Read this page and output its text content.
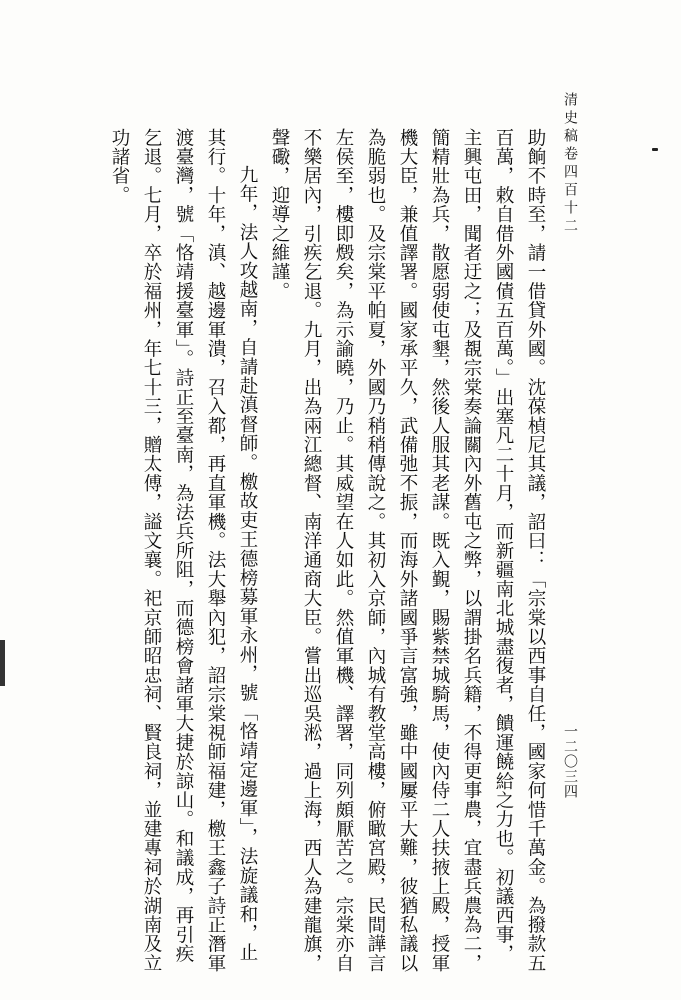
清史稿卷四百十二
一二〇三四

助餉不時至，請一借貸外國。沈葆楨尼其議，詔曰：「宗棠以西事自任，國家何惜千萬金。為撥款五百萬，敕自借外國債五百萬。」出塞凡二十月，而新疆南北城盡復者，饋運饒給之力也。初議西事，主興屯田，聞者迂之；及覩宗棠奏論關內外舊屯之弊，以謂掛名兵籍，不得更事農，宜盡兵農為二，簡精壯為兵，散愿弱使屯墾，然後人服其老謀。既入覲，賜紫禁城騎馬，使內侍二人扶掖上殿，授軍機大臣，兼值譯署。國家承平久，武備弛不振，而海外諸國爭言富強，雖中國屢平大難，彼猶私議以為脆弱也。及宗棠平帕夏，外國乃稍稍傳說之。其初入京師，內城有教堂高樓，俯瞰宮殿，民間譁言左侯至，樓即燬矣，為示諭曉，乃止。其威望在人如此。然值軍機、譯署，同列頗厭苦之。宗棠亦自不樂居內，引疾乞退。九月，出為兩江總督、南洋通商大臣。嘗出巡吳淞，過上海，西人為建龍旗，聲礮，迎導之維謹。

九年，法人攻越南，自請赴滇督師。檄故吏王德榜募軍永州，號「恪靖定邊軍」，法旋議和，止其行。十年，滇、越邊軍潰，召入都，再直軍機。法大舉內犯，詔宗棠視師福建，檄王鑫子詩正潛軍渡臺灣，號「恪靖援臺軍」。詩正至臺南，為法兵所阻，而德榜會諸軍大捷於諒山。和議成，再引疾乞退。七月，卒於福州，年七十三，贈太傅，謚文襄。祀京師昭忠祠、賢良祠，並建專祠於湖南及立功諸省。
